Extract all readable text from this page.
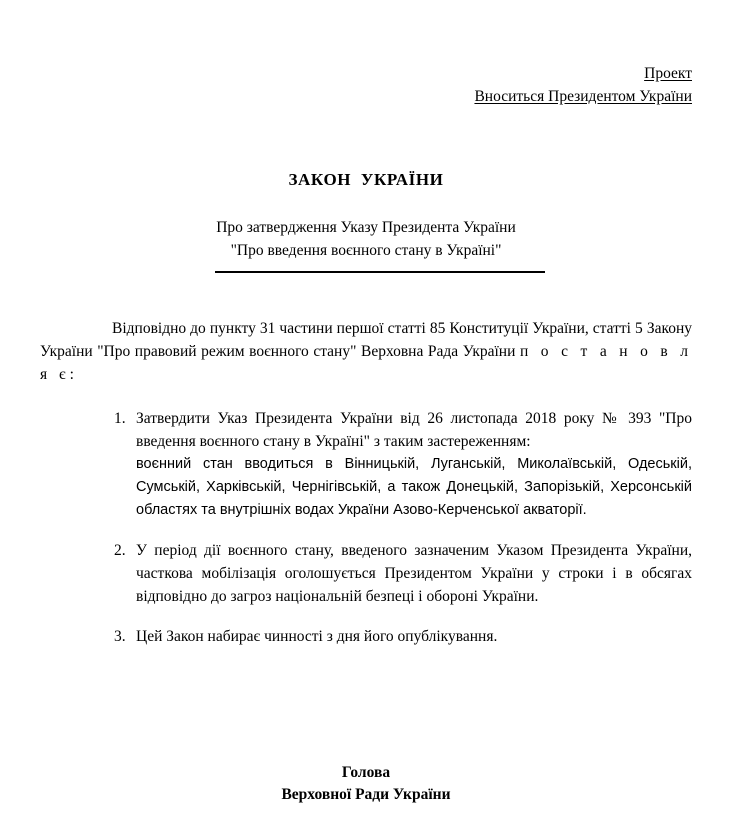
Проект
Вноситься Президентом України
ЗАКОН УКРАЇНИ
Про затвердження Указу Президента України
"Про введення воєнного стану в Україні"
Відповідно до пункту 31 частини першої статті 85 Конституції України, статті 5 Закону України "Про правовий режим воєнного стану" Верховна Рада України п о с т а н о в л я є:
1. Затвердити Указ Президента України від 26 листопада 2018 року № 393 "Про введення воєнного стану в Україні" з таким застереженням:
воєнний стан вводиться в Вінницькій, Луганській, Миколаївській, Одеській, Сумській, Харківській, Чернігівській, а також Донецькій, Запорізькій, Херсонській областях та внутрішніх водах України Азово-Керченської акваторії.
2. У період дії воєнного стану, введеного зазначеним Указом Президента України, часткова мобілізація оголошується Президентом України у строки і в обсягах відповідно до загроз національній безпеці і обороні України.
3. Цей Закон набирає чинності з дня його опублікування.
Голова
Верховної Ради України
